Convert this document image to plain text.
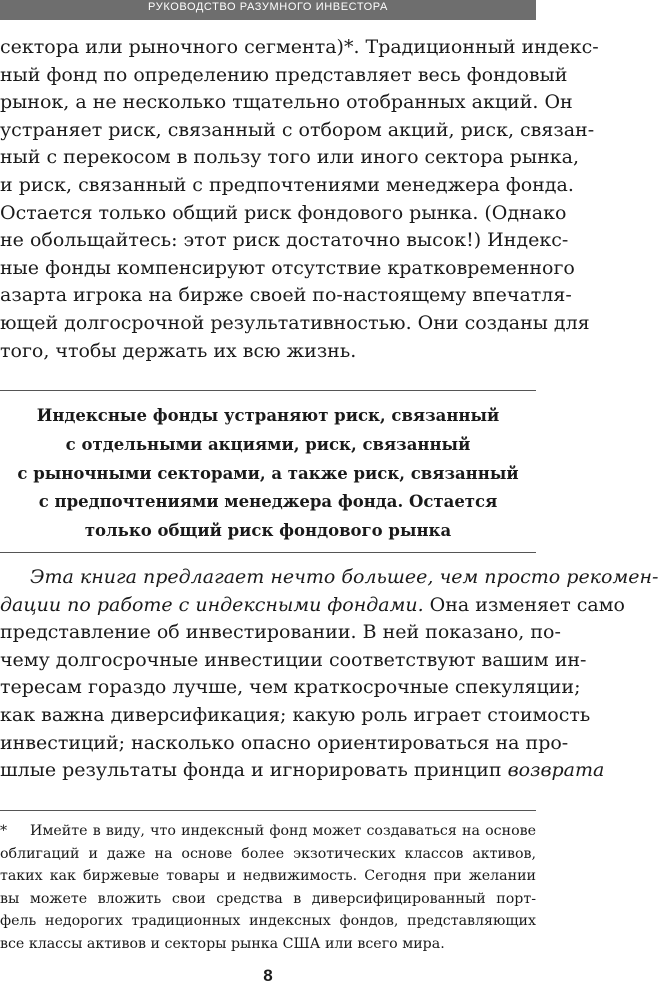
РУКОВОДСТВО РАЗУМНОГО ИНВЕСТОРА
сектора или рыночного сегмента)*. Традиционный индекс-
ный фонд по определению представляет весь фондовый
рынок, а не несколько тщательно отобранных акций. Он
устраняет риск, связанный с отбором акций, риск, связан-
ный с перекосом в пользу того или иного сектора рынка,
и риск, связанный с предпочтениями менеджера фонда.
Остается только общий риск фондового рынка. (Однако
не обольщайтесь: этот риск достаточно высок!) Индекс-
ные фонды компенсируют отсутствие кратковременного
азарта игрока на бирже своей по-настоящему впечатля-
ющей долгосрочной результативностью. Они созданы для
того, чтобы держать их всю жизнь.
Индексные фонды устраняют риск, связанный
с отдельными акциями, риск, связанный
с рыночными секторами, а также риск, связанный
с предпочтениями менеджера фонда. Остается
только общий риск фондового рынка
Эта книга предлагает нечто большее, чем просто рекомен-
дации по работе с индексными фондами. Она изменяет само
представление об инвестировании. В ней показано, по-
чему долгосрочные инвестиции соответствуют вашим ин-
тересам гораздо лучше, чем краткосрочные спекуляции;
как важна диверсификация; какую роль играет стоимость
инвестиций; насколько опасно ориентироваться на про-
шлые результаты фонда и игнорировать принцип возврата
*	Имейте в виду, что индексный фонд может создаваться на основе
облигаций и даже на основе более экзотических классов активов,
таких как биржевые товары и недвижимость. Сегодня при желании
вы можете вложить свои средства в диверсифицированный порт-
фель недорогих традиционных индексных фондов, представляющих
все классы активов и секторы рынка США или всего мира.
8
